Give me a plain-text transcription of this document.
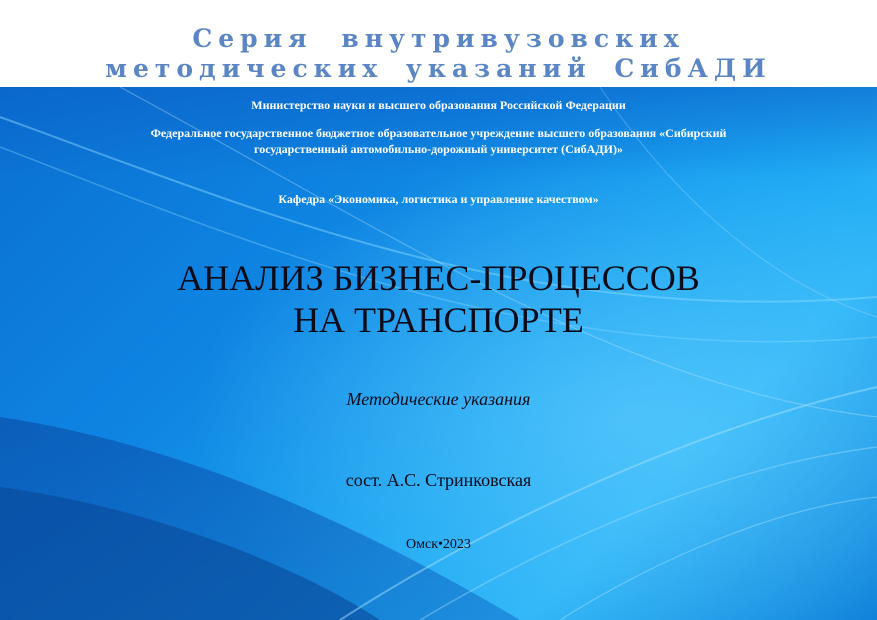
Серия внутривузовских
методических указаний СибАДИ
Министерство науки и высшего образования Российской Федерации
Федеральное государственное бюджетное образовательное учреждение высшего образования «Сибирский государственный автомобильно-дорожный университет (СибАДИ)»
Кафедра «Экономика, логистика и управление качеством»
АНАЛИЗ БИЗНЕС-ПРОЦЕССОВ
НА ТРАНСПОРТЕ
Методические указания
сост. А.С. Стринковская
Омск•2023
